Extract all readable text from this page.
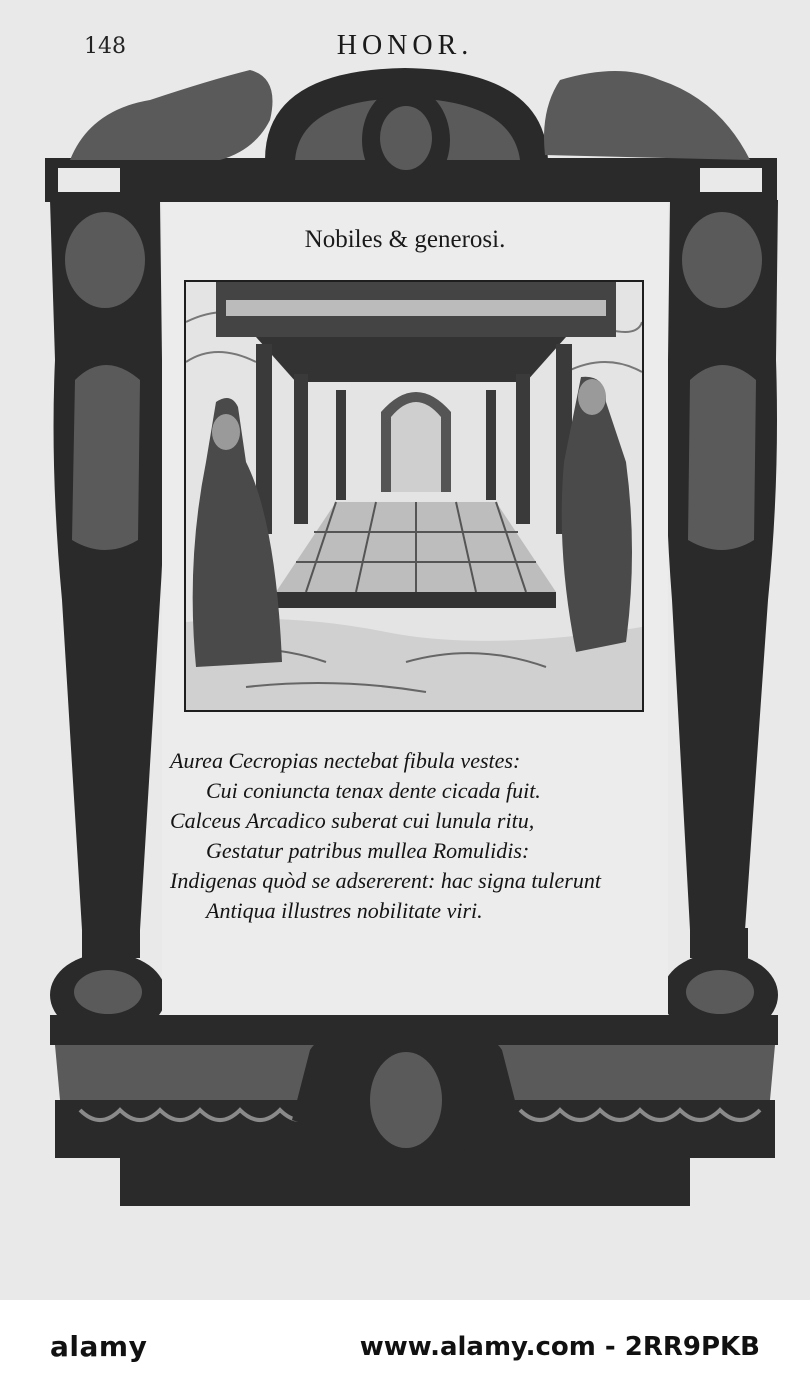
148	HONOR.
Nobiles & generosi.
Aurea Cecropias nectebat fibula vestes:
Cui coniuncta tenax dente cicada fuit.
Calceus Arcadico suberat cui lunula ritu,
Gestatur patribus mullea Romulidis:
Indigenas quòd se adsererent: hac signa tulerunt
Antiqua illustres nobilitate viri.
alamy	www.alamy.com - 2RR9PKB
